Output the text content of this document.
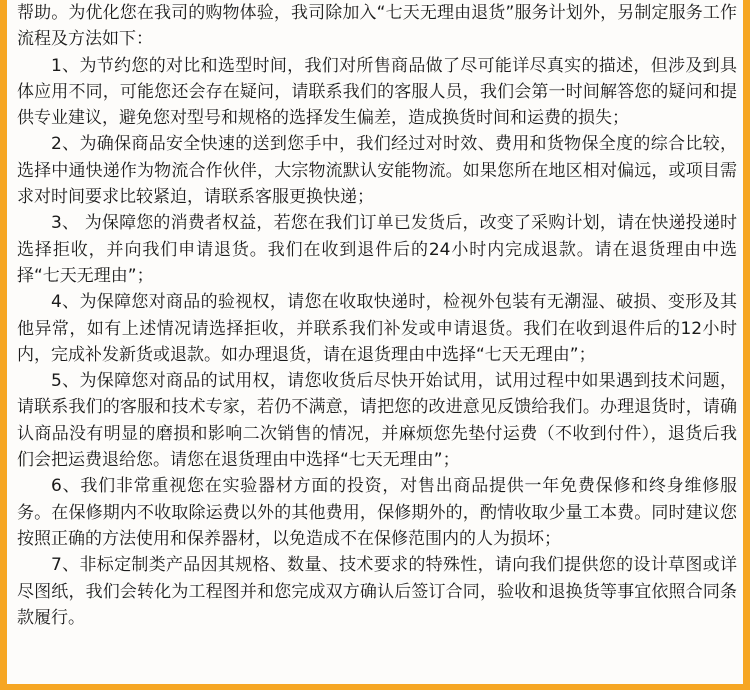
帮助。为优化您在我司的购物体验，我司除加入“七天无理由退货”服务计划外，另制定服务工作流程及方法如下：

1、为节约您的对比和选型时间，我们对所售商品做了尽可能详尽真实的描述，但涉及到具体应用不同，可能您还会存在疑问，请联系我们的客服人员，我们会第一时间解答您的疑问和提供专业建议，避免您对型号和规格的选择发生偏差，造成换货时间和运费的损失；

2、为确保商品安全快速的送到您手中，我们经过对时效、费用和货物保全度的综合比较，选择中通快递作为物流合作伙伴，大宗物流默认安能物流。如果您所在地区相对偏远，或项目需求对时间要求比较紧迫，请联系客服更换快递；

3、 为保障您的消费者权益，若您在我们订单已发货后，改变了采购计划，请在快递投递时选择拒收，并向我们申请退货。我们在收到退件后的24小时内完成退款。请在退货理由中选择“七天无理由”；

4、为保障您对商品的验视权，请您在收取快递时，检视外包装有无潮湿、破损、变形及其他异常，如有上述情况请选择拒收，并联系我们补发或申请退货。我们在收到退件后的12小时内，完成补发新货或退款。如办理退货，请在退货理由中选择“七天无理由”；

5、为保障您对商品的试用权，请您收货后尽快开始试用，试用过程中如果遇到技术问题，请联系我们的客服和技术专家，若仍不满意，请把您的改进意见反馈给我们。办理退货时，请确认商品没有明显的磨损和影响二次销售的情况，并麻烦您先垫付运费（不收到付件），退货后我们会把运费退给您。请您在退货理由中选择“七天无理由”；

6、我们非常重视您在实验器材方面的投资，对售出商品提供一年免费保修和终身维修服务。在保修期内不收取除运费以外的其他费用，保修期外的，酌情收取少量工本费。同时建议您按照正确的方法使用和保养器材，以免造成不在保修范围内的人为损坏；

7、非标定制类产品因其规格、数量、技术要求的特殊性，请向我们提供您的设计草图或详尽图纸，我们会转化为工程图并和您完成双方确认后签订合同，验收和退换货等事宜依照合同条款履行。
